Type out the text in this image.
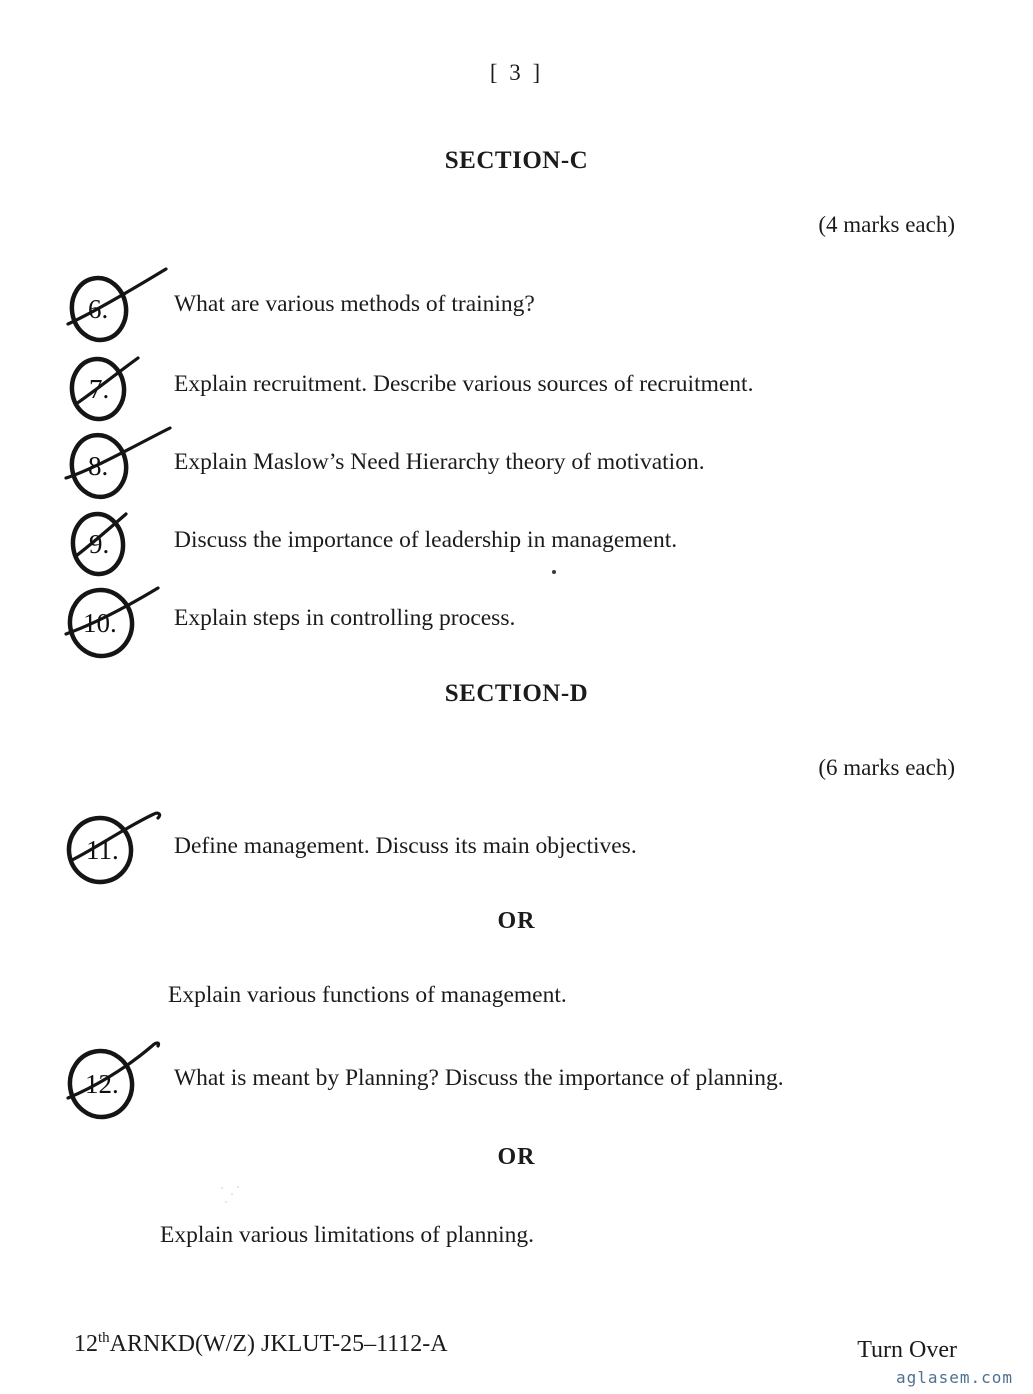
[ 3 ]
SECTION-C
(4 marks each)
6.	What are various methods of training?
7.	Explain recruitment. Describe various sources of recruitment.
8.	Explain Maslow’s Need Hierarchy theory of motivation.
9.	Discuss the importance of leadership in management.
10. Explain steps in controlling process.
SECTION-D
(6 marks each)
11. Define management. Discuss its main objectives.
OR
Explain various functions of management.
12. What is meant by Planning? Discuss the importance of planning.
OR
Explain various limitations of planning.
12thARNKD(W/Z) JKLUT-25–1112-A	Turn Over
aglasem.com
